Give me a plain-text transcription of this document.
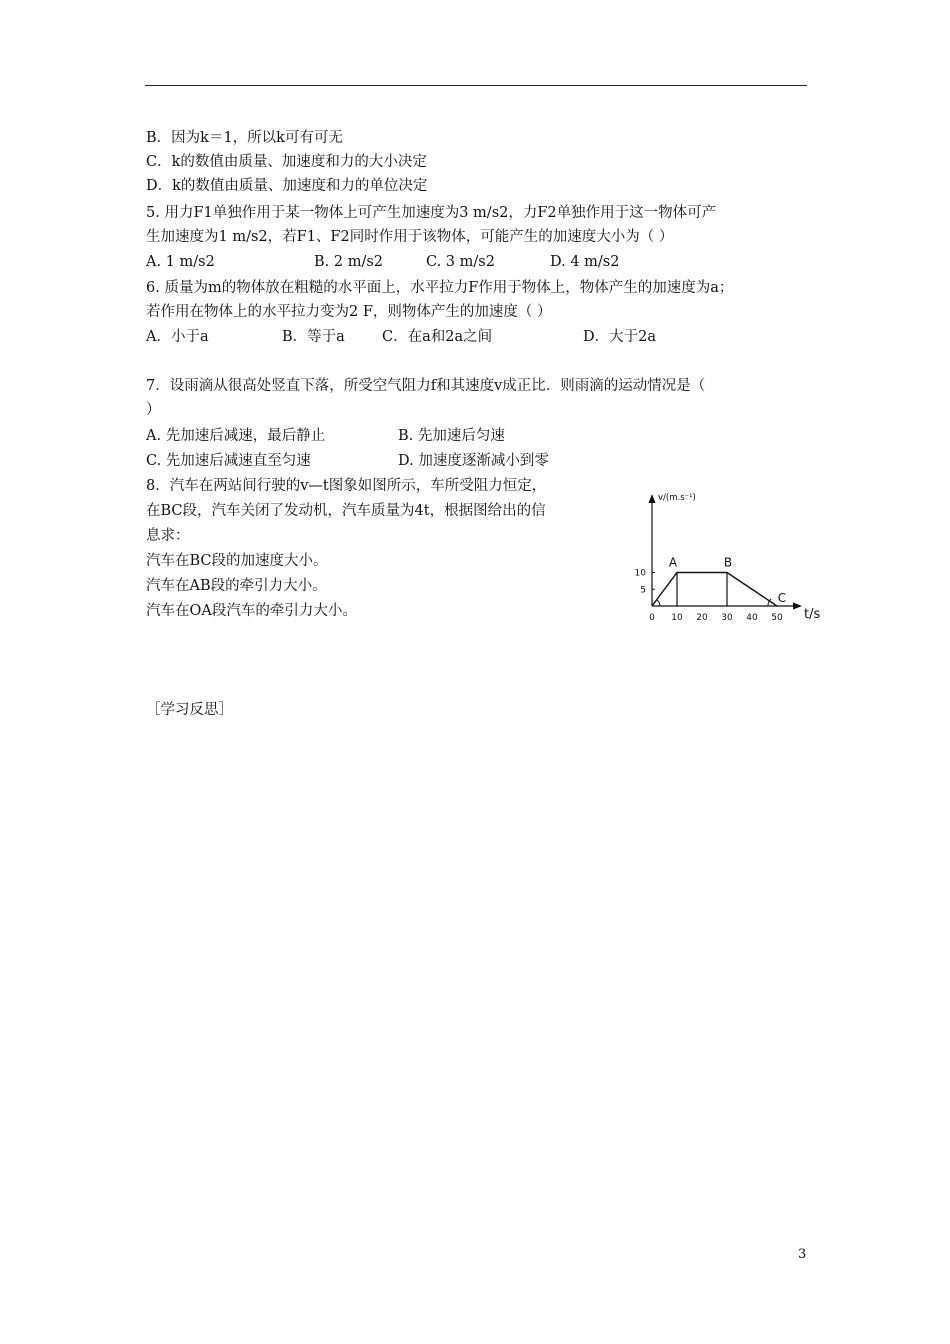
B．因为k＝1，所以k可有可无
C．k的数值由质量、加速度和力的大小决定
D．k的数值由质量、加速度和力的单位决定
5. 用力F1单独作用于某一物体上可产生加速度为3 m/s2，力F2单独作用于这一物体可产
生加速度为1 m/s2，若F1、F2同时作用于该物体，可能产生的加速度大小为（ ）
A. 1 m/s2	B. 2 m/s2	C. 3 m/s2	D. 4 m/s2
6. 质量为m的物体放在粗糙的水平面上，水平拉力F作用于物体上，物体产生的加速度为a；
若作用在物体上的水平拉力变为2 F，则物体产生的加速度（ ）
A．小于a	B．等于a	C．在a和2a之间	D．大于2a
7．设雨滴从很高处竖直下落，所受空气阻力f和其速度v成正比．则雨滴的运动情况是（
）
A. 先加速后减速，最后静止	B. 先加速后匀速
C. 先加速后减速直至匀速	D. 加速度逐渐减小到零
8．汽车在两站间行驶的v—t图象如图所示，车所受阻力恒定，
在BC段，汽车关闭了发动机，汽车质量为4t，根据图给出的信
息求：
汽车在BC段的加速度大小。
汽车在AB段的牵引力大小。
汽车在OA段汽车的牵引力大小。
v/(m.s⁻¹)
t/s
0 10 20 30 40 50
5
10
A	B
C
［学习反思］
3
